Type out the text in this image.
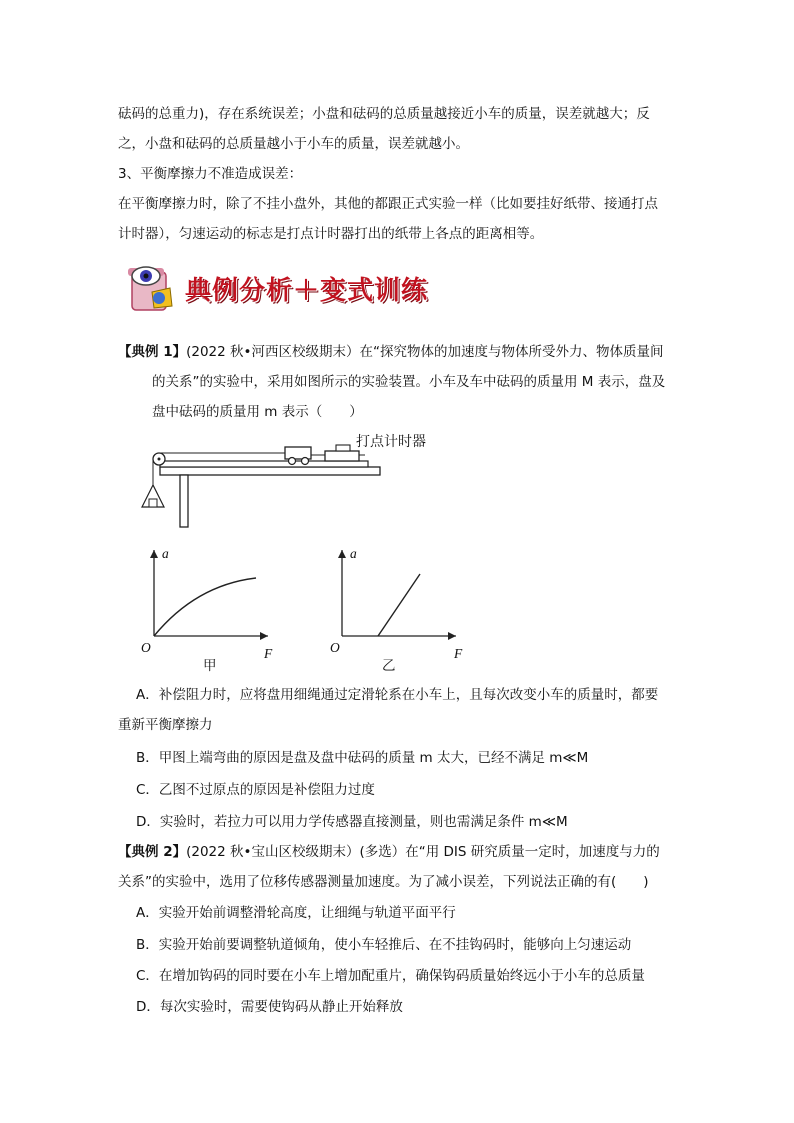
砝码的总重力)，存在系统误差；小盘和砝码的总质量越接近小车的质量，误差就越大；反
之，小盘和砝码的总质量越小于小车的质量，误差就越小。
3、平衡摩擦力不准造成误差：
在平衡摩擦力时，除了不挂小盘外，其他的都跟正式实验一样（比如要挂好纸带、接通打点
计时器），匀速运动的标志是打点计时器打出的纸带上各点的距离相等。
典例分析＋变式训练
【典例 1】(2022 秋•河西区校级期末）在“探究物体的加速度与物体所受外力、物体质量间
的关系”的实验中，采用如图所示的实验装置。小车及车中砝码的质量用 M 表示，盘及
盘中砝码的质量用 m 表示（　　）
打点计时器
a
O	F
甲
a
O	F
乙
A．补偿阻力时，应将盘用细绳通过定滑轮系在小车上，且每次改变小车的质量时，都要
重新平衡摩擦力
B．甲图上端弯曲的原因是盘及盘中砝码的质量 m 太大，已经不满足 m≪M
C．乙图不过原点的原因是补偿阻力过度
D．实验时，若拉力可以用力学传感器直接测量，则也需满足条件 m≪M
【典例 2】(2022 秋•宝山区校级期末）(多选）在“用 DIS 研究质量一定时，加速度与力的
关系”的实验中，选用了位移传感器测量加速度。为了减小误差，下列说法正确的有(　　)
A．实验开始前调整滑轮高度，让细绳与轨道平面平行
B．实验开始前要调整轨道倾角，使小车轻推后、在不挂钩码时，能够向上匀速运动
C．在增加钩码的同时要在小车上增加配重片，确保钩码质量始终远小于小车的总质量
D．每次实验时，需要使钩码从静止开始释放
